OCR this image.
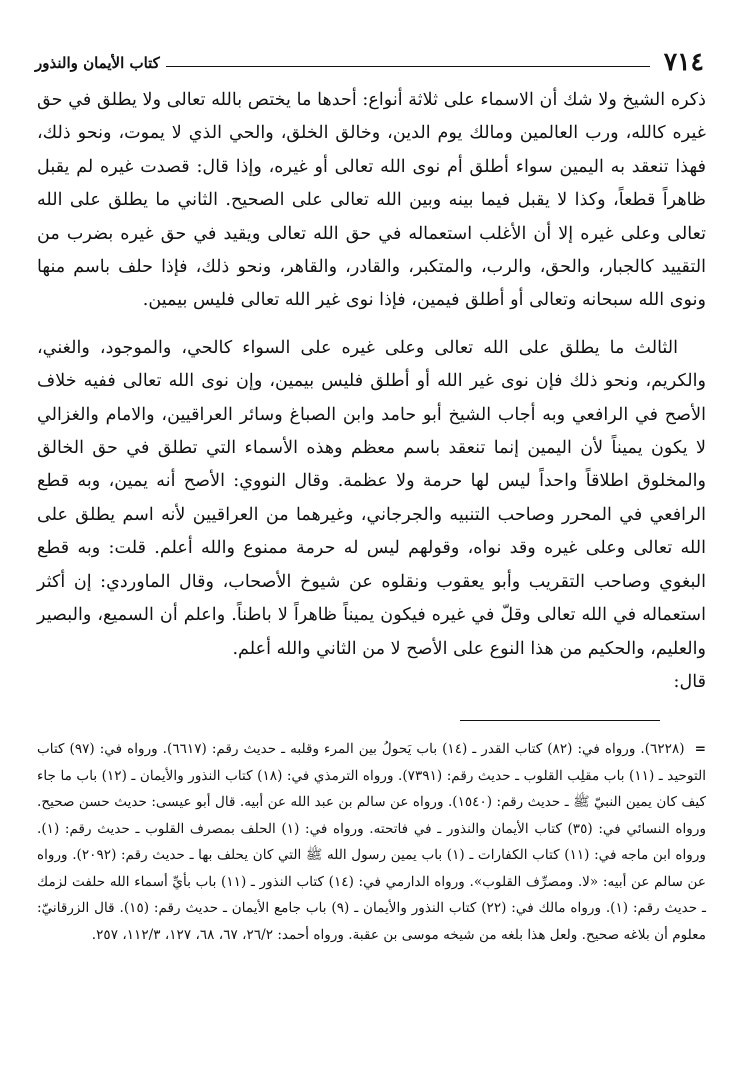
٧١٤
كتاب الأيمان والنذور

ذكره الشيخ ولا شك أن الاسماء على ثلاثة أنواع: أحدها ما يختص بالله تعالى ولا يطلق في حق غيره كالله، ورب العالمين ومالك يوم الدين، وخالق الخلق، والحي الذي لا يموت، ونحو ذلك، فهذا تنعقد به اليمين سواء أطلق أم نوى الله تعالى أو غيره، وإذا قال: قصدت غيره لم يقبل ظاهراً قطعاً، وكذا لا يقبل فيما بينه وبين الله تعالى على الصحيح. الثاني ما يطلق على الله تعالى وعلى غيره إلا أن الأغلب استعماله في حق الله تعالى ويقيد في حق غيره بضرب من التقييد كالجبار، والحق، والرب، والمتكبر، والقادر، والقاهر، ونحو ذلك، فإذا حلف باسم منها ونوى الله سبحانه وتعالى أو أطلق فيمين، فإذا نوى غير الله تعالى فليس بيمين.

الثالث ما يطلق على الله تعالى وعلى غيره على السواء كالحي، والموجود، والغني، والكريم، ونحو ذلك فإن نوى غير الله أو أطلق فليس بيمين، وإن نوى الله تعالى ففيه خلاف الأصح في الرافعي وبه أجاب الشيخ أبو حامد وابن الصباغ وسائر العراقيين، والامام والغزالي لا يكون يميناً لأن اليمين إنما تنعقد باسم معظم وهذه الأسماء التي تطلق في حق الخالق والمخلوق اطلاقاً واحداً ليس لها حرمة ولا عظمة. وقال النووي: الأصح أنه يمين، وبه قطع الرافعي في المحرر وصاحب التنبيه والجرجاني، وغيرهما من العراقيين لأنه اسم يطلق على الله تعالى وعلى غيره وقد نواه، وقولهم ليس له حرمة ممنوع والله أعلم. قلت: وبه قطع البغوي وصاحب التقريب وأبو يعقوب ونقلوه عن شيوخ الأصحاب، وقال الماوردي: إن أكثر استعماله في الله تعالى وقلّ في غيره فيكون يميناً ظاهراً لا باطناً. واعلم أن السميع، والبصير والعليم، والحكيم من هذا النوع على الأصح لا من الثاني والله أعلم.

قال:

=(٦٢٢٨). ورواه في: (٨٢) كتاب القدر ـ (١٤) باب يَحولُ بين المرء وقلبه ـ حديث رقم: (٦٦١٧). ورواه في: (٩٧) كتاب التوحيد ـ (١١) باب مقلِب القلوب ـ حديث رقم: (٧٣٩١). ورواه الترمذي في: (١٨) كتاب النذور والأيمان ـ (١٢) باب ما جاء كيف كان يمين النبيّ ﷺ ـ حديث رقم: (١٥٤٠). ورواه عن سالم بن عبد الله عن أبيه. قال أبو عيسى: حديث حسن صحيح. ورواه النسائي في: (٣٥) كتاب الأيمان والنذور ـ في فاتحته. ورواه في: (١) الحلف بمصرف القلوب ـ حديث رقم: (١). ورواه ابن ماجه في: (١١) كتاب الكفارات ـ (١) باب يمين رسول الله ﷺ التي كان يحلف بها ـ حديث رقم: (٢٠٩٢). ورواه عن سالم عن أبيه: «لا. ومصرِّف القلوب». ورواه الدارمي في: (١٤) كتاب النذور ـ (١١) باب بأيِّ أسماء الله حلفت لزمك ـ حديث رقم: (١). ورواه مالك في: (٢٢) كتاب النذور والأيمان ـ (٩) باب جامع الأيمان ـ حديث رقم: (١٥). قال الزرقانيّ: معلوم أن بلاغه صحيح. ولعل هذا بلغه من شيخه موسى بن عقبة. ورواه أحمد: ٢٦/٢، ٦٧، ٦٨، ١٢٧، ١١٢/٣، ٢٥٧.
